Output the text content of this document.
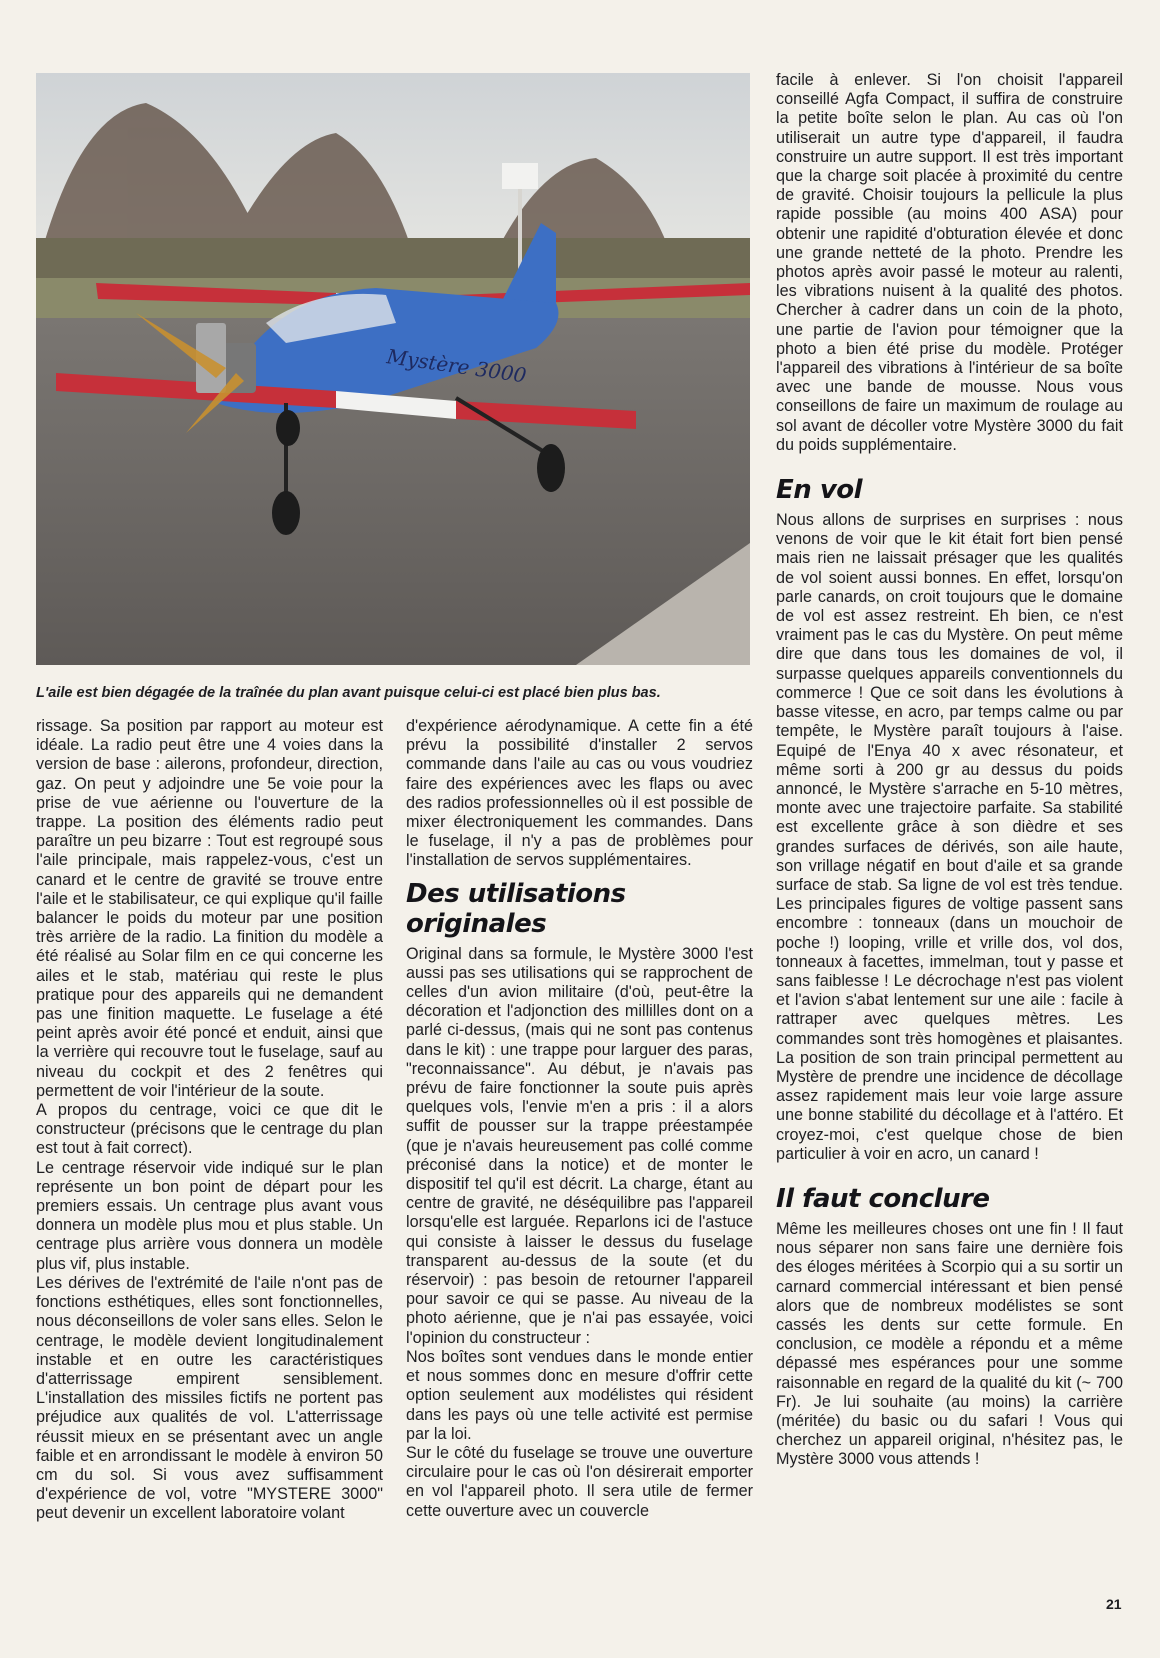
Mystère 3000

L'aile est bien dégagée de la traînée du plan avant puisque celui-ci est placé bien plus bas.

rissage. Sa position par rapport au moteur est idéale. La radio peut être une 4 voies dans la version de base : ailerons, profondeur, direction, gaz. On peut y adjoindre une 5e voie pour la prise de vue aérienne ou l'ouverture de la trappe. La position des éléments radio peut paraître un peu bizarre : Tout est regroupé sous l'aile principale, mais rappelez-vous, c'est un canard et le centre de gravité se trouve entre l'aile et le stabilisateur, ce qui explique qu'il faille balancer le poids du moteur par une position très arrière de la radio. La finition du modèle a été réalisé au Solar film en ce qui concerne les ailes et le stab, matériau qui reste le plus pratique pour des appareils qui ne demandent pas une finition maquette. Le fuselage a été peint après avoir été poncé et enduit, ainsi que la verrière qui recouvre tout le fuselage, sauf au niveau du cockpit et des 2 fenêtres qui permettent de voir l'intérieur de la soute.

A propos du centrage, voici ce que dit le constructeur (précisons que le centrage du plan est tout à fait correct).

Le centrage réservoir vide indiqué sur le plan représente un bon point de départ pour les premiers essais. Un centrage plus avant vous donnera un modèle plus mou et plus stable. Un centrage plus arrière vous donnera un modèle plus vif, plus instable.

Les dérives de l'extrémité de l'aile n'ont pas de fonctions esthétiques, elles sont fonctionnelles, nous déconseillons de voler sans elles. Selon le centrage, le modèle devient longitudinalement instable et en outre les caractéristiques d'atterrissage empirent sensiblement. L'installation des missiles fictifs ne portent pas préjudice aux qualités de vol. L'atterrissage réussit mieux en se présentant avec un angle faible et en arrondissant le modèle à environ 50 cm du sol. Si vous avez suffisamment d'expérience de vol, votre "MYSTERE 3000" peut devenir un excellent laboratoire volant

d'expérience aérodynamique. A cette fin a été prévu la possibilité d'installer 2 servos commande dans l'aile au cas ou vous voudriez faire des expériences avec les flaps ou avec des radios professionnelles où il est possible de mixer électroniquement les commandes. Dans le fuselage, il n'y a pas de problèmes pour l'installation de servos supplémentaires.

Des utilisations originales

Original dans sa formule, le Mystère 3000 l'est aussi pas ses utilisations qui se rapprochent de celles d'un avion militaire (d'où, peut-être la décoration et l'adjonction des millilles dont on a parlé ci-dessus, (mais qui ne sont pas contenus dans le kit) : une trappe pour larguer des paras, "reconnaissance". Au début, je n'avais pas prévu de faire fonctionner la soute puis après quelques vols, l'envie m'en a pris : il a alors suffit de pousser sur la trappe préestampée (que je n'avais heureusement pas collé comme préconisé dans la notice) et de monter le dispositif tel qu'il est décrit. La charge, étant au centre de gravité, ne déséquilibre pas l'appareil lorsqu'elle est larguée. Reparlons ici de l'astuce qui consiste à laisser le dessus du fuselage transparent au-dessus de la soute (et du réservoir) : pas besoin de retourner l'appareil pour savoir ce qui se passe. Au niveau de la photo aérienne, que je n'ai pas essayée, voici l'opinion du constructeur :

Nos boîtes sont vendues dans le monde entier et nous sommes donc en mesure d'offrir cette option seulement aux modélistes qui résident dans les pays où une telle activité est permise par la loi.

Sur le côté du fuselage se trouve une ouverture circulaire pour le cas où l'on désirerait emporter en vol l'appareil photo. Il sera utile de fermer cette ouverture avec un couvercle

facile à enlever. Si l'on choisit l'appareil conseillé Agfa Compact, il suffira de construire la petite boîte selon le plan. Au cas où l'on utiliserait un autre type d'appareil, il faudra construire un autre support. Il est très important que la charge soit placée à proximité du centre de gravité. Choisir toujours la pellicule la plus rapide possible (au moins 400 ASA) pour obtenir une rapidité d'obturation élevée et donc une grande netteté de la photo. Prendre les photos après avoir passé le moteur au ralenti, les vibrations nuisent à la qualité des photos. Chercher à cadrer dans un coin de la photo, une partie de l'avion pour témoigner que la photo a bien été prise du modèle. Protéger l'appareil des vibrations à l'intérieur de sa boîte avec une bande de mousse. Nous vous conseillons de faire un maximum de roulage au sol avant de décoller votre Mystère 3000 du fait du poids supplémentaire.

En vol

Nous allons de surprises en surprises : nous venons de voir que le kit était fort bien pensé mais rien ne laissait présager que les qualités de vol soient aussi bonnes. En effet, lorsqu'on parle canards, on croit toujours que le domaine de vol est assez restreint. Eh bien, ce n'est vraiment pas le cas du Mystère. On peut même dire que dans tous les domaines de vol, il surpasse quelques appareils conventionnels du commerce ! Que ce soit dans les évolutions à basse vitesse, en acro, par temps calme ou par tempête, le Mystère paraît toujours à l'aise. Equipé de l'Enya 40 x avec résonateur, et même sorti à 200 gr au dessus du poids annoncé, le Mystère s'arrache en 5-10 mètres, monte avec une trajectoire parfaite. Sa stabilité est excellente grâce à son dièdre et ses grandes surfaces de dérivés, son aile haute, son vrillage négatif en bout d'aile et sa grande surface de stab. Sa ligne de vol est très tendue. Les principales figures de voltige passent sans encombre : tonneaux (dans un mouchoir de poche !) looping, vrille et vrille dos, vol dos, tonneaux à facettes, immelman, tout y passe et sans faiblesse ! Le décrochage n'est pas violent et l'avion s'abat lentement sur une aile : facile à rattraper avec quelques mètres. Les commandes sont très homogènes et plaisantes. La position de son train principal permettent au Mystère de prendre une incidence de décollage assez rapidement mais leur voie large assure une bonne stabilité du décollage et à l'attéro. Et croyez-moi, c'est quelque chose de bien particulier à voir en acro, un canard !

Il faut conclure

Même les meilleures choses ont une fin ! Il faut nous séparer non sans faire une dernière fois des éloges méritées à Scorpio qui a su sortir un carnard commercial intéressant et bien pensé alors que de nombreux modélistes se sont cassés les dents sur cette formule. En conclusion, ce modèle a répondu et a même dépassé mes espérances pour une somme raisonnable en regard de la qualité du kit (~ 700 Fr). Je lui souhaite (au moins) la carrière (méritée) du basic ou du safari ! Vous qui cherchez un appareil original, n'hésitez pas, le Mystère 3000 vous attends !

21
